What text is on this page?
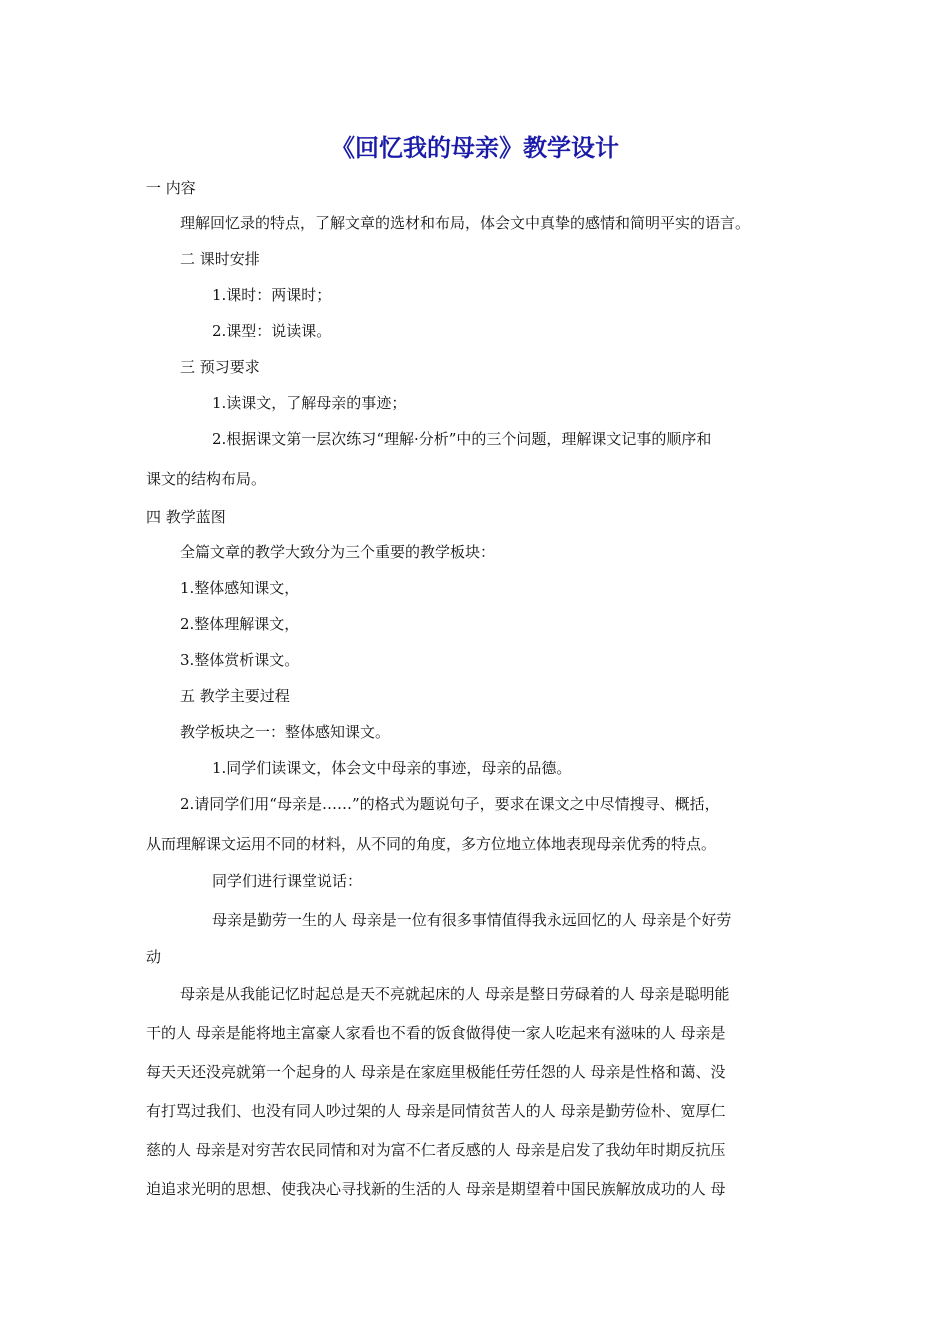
《回忆我的母亲》教学设计
一 内容
理解回忆录的特点，了解文章的选材和布局，体会文中真挚的感情和简明平实的语言。
二 课时安排
1.课时：两课时；
2.课型：说读课。
三 预习要求
1.读课文，了解母亲的事迹；
2.根据课文第一层次练习“理解·分析”中的三个问题，理解课文记事的顺序和
课文的结构布局。
四 教学蓝图
全篇文章的教学大致分为三个重要的教学板块：
1.整体感知课文，
2.整体理解课文，
3.整体赏析课文。
五 教学主要过程
教学板块之一：整体感知课文。
1.同学们读课文，体会文中母亲的事迹，母亲的品德。
2.请同学们用“母亲是……”的格式为题说句子，要求在课文之中尽情搜寻、概括，
从而理解课文运用不同的材料，从不同的角度，多方位地立体地表现母亲优秀的特点。
同学们进行课堂说话：
母亲是勤劳一生的人 母亲是一位有很多事情值得我永远回忆的人 母亲是个好劳
动
母亲是从我能记忆时起总是天不亮就起床的人 母亲是整日劳碌着的人 母亲是聪明能
干的人 母亲是能将地主富豪人家看也不看的饭食做得使一家人吃起来有滋味的人 母亲是
每天天还没亮就第一个起身的人 母亲是在家庭里极能任劳任怨的人 母亲是性格和蔼、没
有打骂过我们、也没有同人吵过架的人 母亲是同情贫苦人的人 母亲是勤劳俭朴、宽厚仁
慈的人 母亲是对穷苦农民同情和对为富不仁者反感的人 母亲是启发了我幼年时期反抗压
迫追求光明的思想、使我决心寻找新的生活的人 母亲是期望着中国民族解放成功的人 母
